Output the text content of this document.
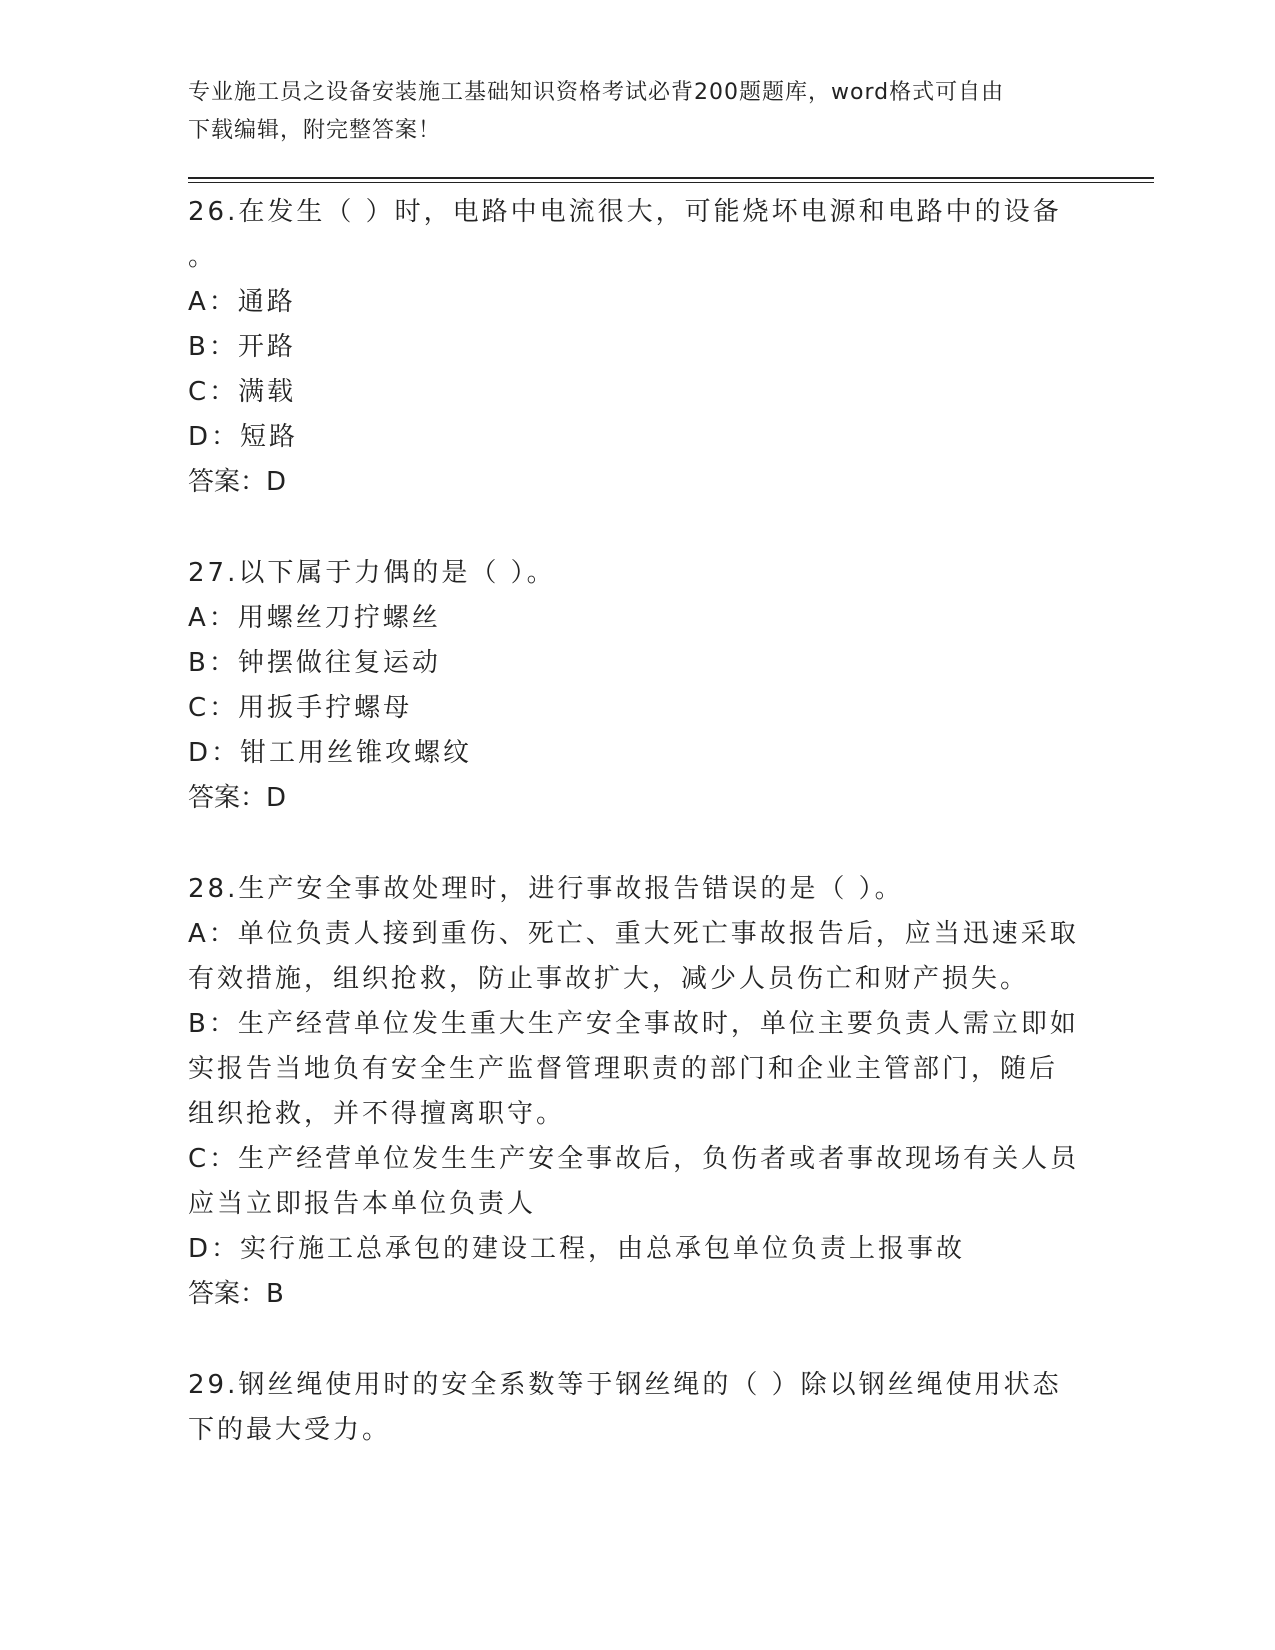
专业施工员之设备安装施工基础知识资格考试必背200题题库，word格式可自由
下载编辑，附完整答案！
26.在发生（ ）时，电路中电流很大，可能烧坏电源和电路中的设备
。
A：通路
B：开路
C：满载
D：短路
答案：D
27.以下属于力偶的是（ ）。
A：用螺丝刀拧螺丝
B：钟摆做往复运动
C：用扳手拧螺母
D：钳工用丝锥攻螺纹
答案：D
28.生产安全事故处理时，进行事故报告错误的是（ ）。
A：单位负责人接到重伤、死亡、重大死亡事故报告后，应当迅速采取
有效措施，组织抢救，防止事故扩大，减少人员伤亡和财产损失。
B：生产经营单位发生重大生产安全事故时，单位主要负责人需立即如
实报告当地负有安全生产监督管理职责的部门和企业主管部门，随后
组织抢救，并不得擅离职守。
C：生产经营单位发生生产安全事故后，负伤者或者事故现场有关人员
应当立即报告本单位负责人
D：实行施工总承包的建设工程，由总承包单位负责上报事故
答案：B
29.钢丝绳使用时的安全系数等于钢丝绳的（ ）除以钢丝绳使用状态
下的最大受力。
